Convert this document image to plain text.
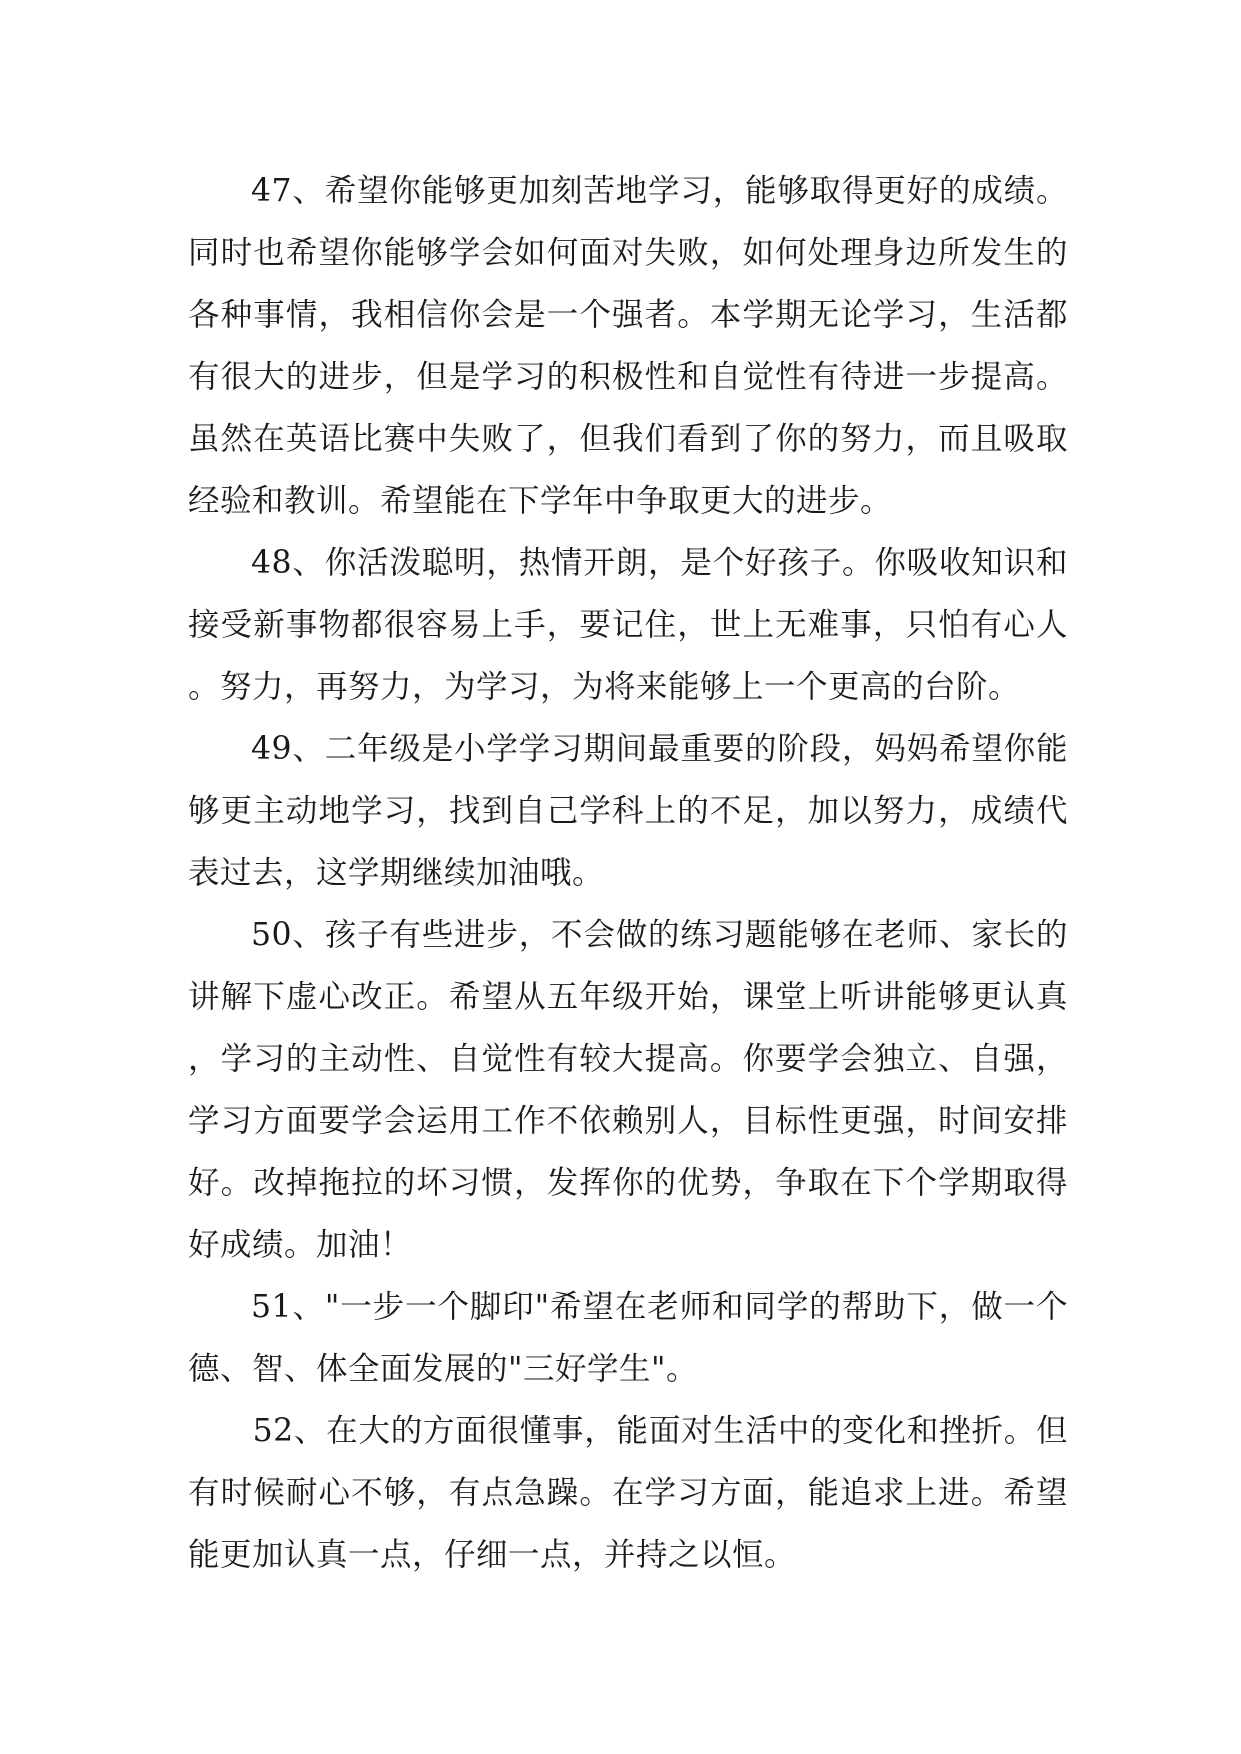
47、希望你能够更加刻苦地学习，能够取得更好的成绩。同时也希望你能够学会如何面对失败，如何处理身边所发生的各种事情，我相信你会是一个强者。本学期无论学习，生活都有很大的进步，但是学习的积极性和自觉性有待进一步提高。虽然在英语比赛中失败了，但我们看到了你的努力，而且吸取经验和教训。希望能在下学年中争取更大的进步。

48、你活泼聪明，热情开朗，是个好孩子。你吸收知识和接受新事物都很容易上手，要记住，世上无难事，只怕有心人。努力，再努力，为学习，为将来能够上一个更高的台阶。

49、二年级是小学学习期间最重要的阶段，妈妈希望你能够更主动地学习，找到自己学科上的不足，加以努力，成绩代表过去，这学期继续加油哦。

50、孩子有些进步，不会做的练习题能够在老师、家长的讲解下虚心改正。希望从五年级开始，课堂上听讲能够更认真，学习的主动性、自觉性有较大提高。你要学会独立、自强，学习方面要学会运用工作不依赖别人，目标性更强，时间安排好。改掉拖拉的坏习惯，发挥你的优势，争取在下个学期取得好成绩。加油！

51、"一步一个脚印"希望在老师和同学的帮助下，做一个德、智、体全面发展的"三好学生"。

52、在大的方面很懂事，能面对生活中的变化和挫折。但有时候耐心不够，有点急躁。在学习方面，能追求上进。希望能更加认真一点，仔细一点，并持之以恒。
